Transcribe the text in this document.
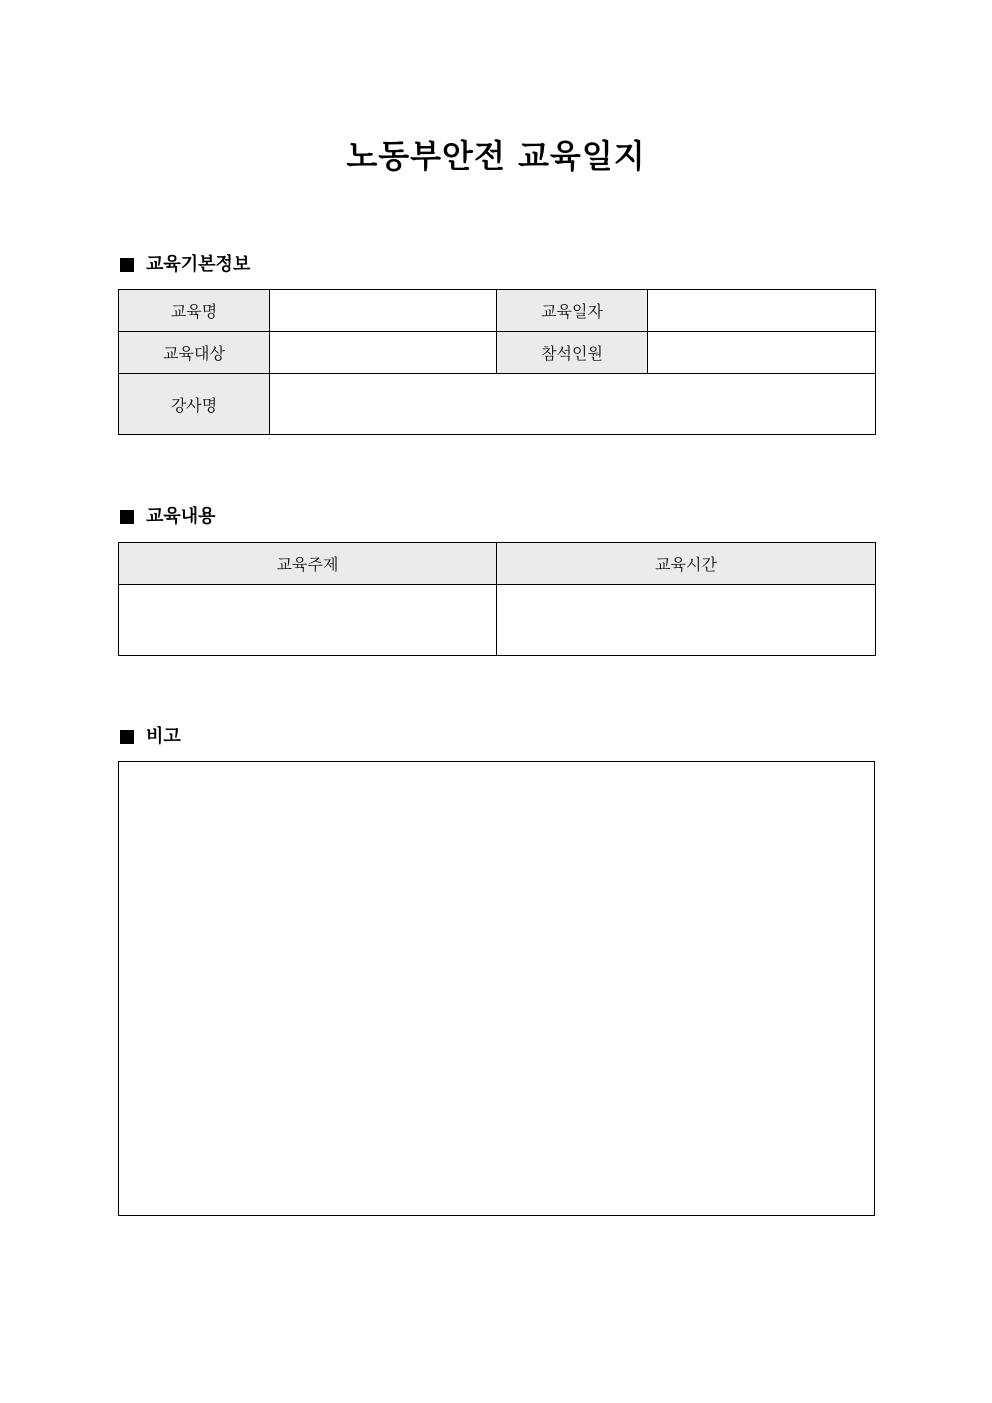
노동부안전 교육일지
교육기본정보
교육명		교육일자	
교육대상		참석인원	
강사명			
교육내용
교육주제	교육시간

비고
